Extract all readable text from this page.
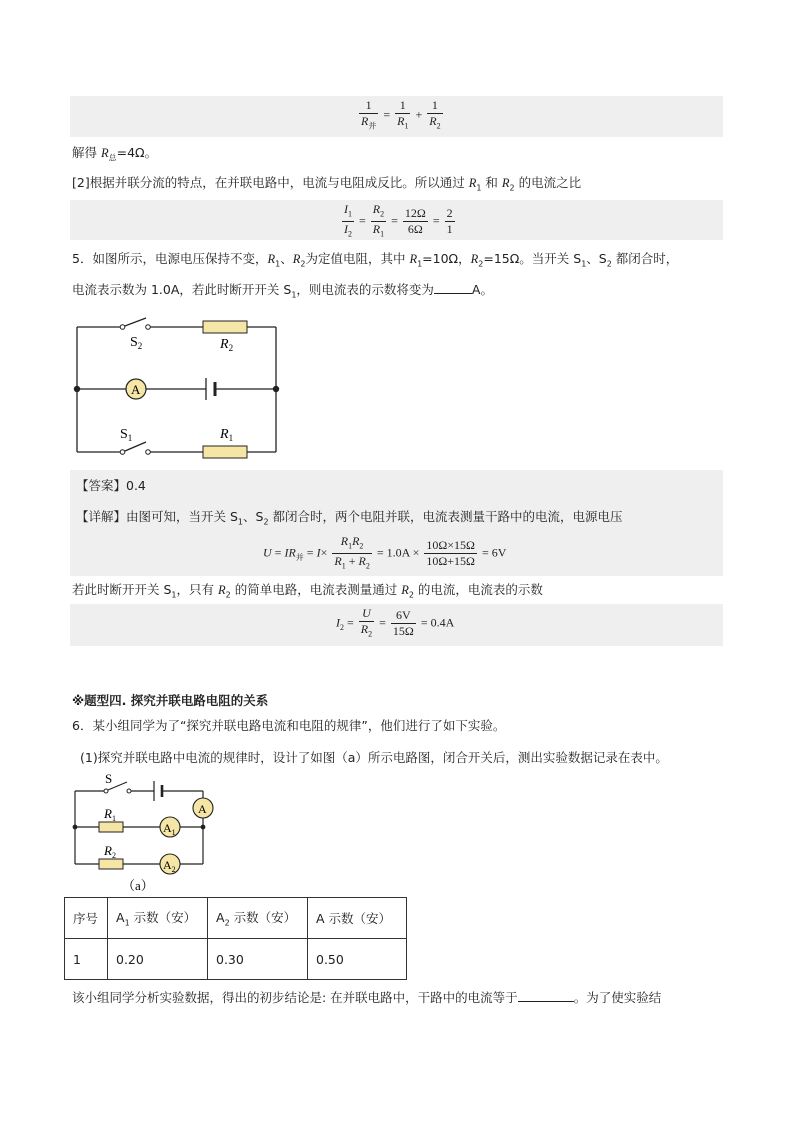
$\frac{1}{R_并} = \frac{1}{R_1} + \frac{1}{R_2}$
解得 $R_总=4\Omega$。
[2]根据并联分流的特点，在并联电路中，电流与电阻成反比。所以通过 $R_1$ 和 $R_2$ 的电流之比
$\frac{I_1}{I_2} = \frac{R_2}{R_1} = \frac{12\Omega}{6\Omega} = \frac{2}{1}$
5．如图所示，电源电压保持不变，$R_1$、$R_2$为定值电阻，其中 $R_1=10\Omega$，$R_2=15\Omega$。当开关 $S_1$、$S_2$ 都闭合时，
电流表示数为 1.0A，若此时断开开关 $S_1$，则电流表的示数将变为	A。
$S_2$	$R_2$
A
$S_1$	$R_1$
【答案】0.4
【详解】由图可知，当开关 $S_1$、$S_2$ 都闭合时，两个电阻并联，电流表测量干路中的电流，电源电压
$U = IR_并 = I\times \frac{R_1R_2}{R_1 + R_2} = 1.0A \times \frac{10\Omega\times 15\Omega}{10\Omega+15\Omega} = 6V$
若此时断开开关 $S_1$，只有 $R_2$ 的简单电路，电流表测量通过 $R_2$ 的电流，电流表的示数
$I_2 = \frac{U}{R_2} = \frac{6V}{15\Omega} = 0.4A$
※题型四. 探究并联电路电阻的关系
6．某小组同学为了“探究并联电路电流和电阻的规律”，他们进行了如下实验。
(1)探究并联电路中电流的规律时，设计了如图（a）所示电路图，闭合开关后，测出实验数据记录在表中。
S
A
$R_1$
$A_1$
$R_2$
$A_2$
（a）
序号	$A_1$ 示数（安）	$A_2$ 示数（安）	A 示数（安）
1	0.20	0.30	0.50
该小组同学分析实验数据，得出的初步结论是: 在并联电路中，干路中的电流等于	。为了使实验结
